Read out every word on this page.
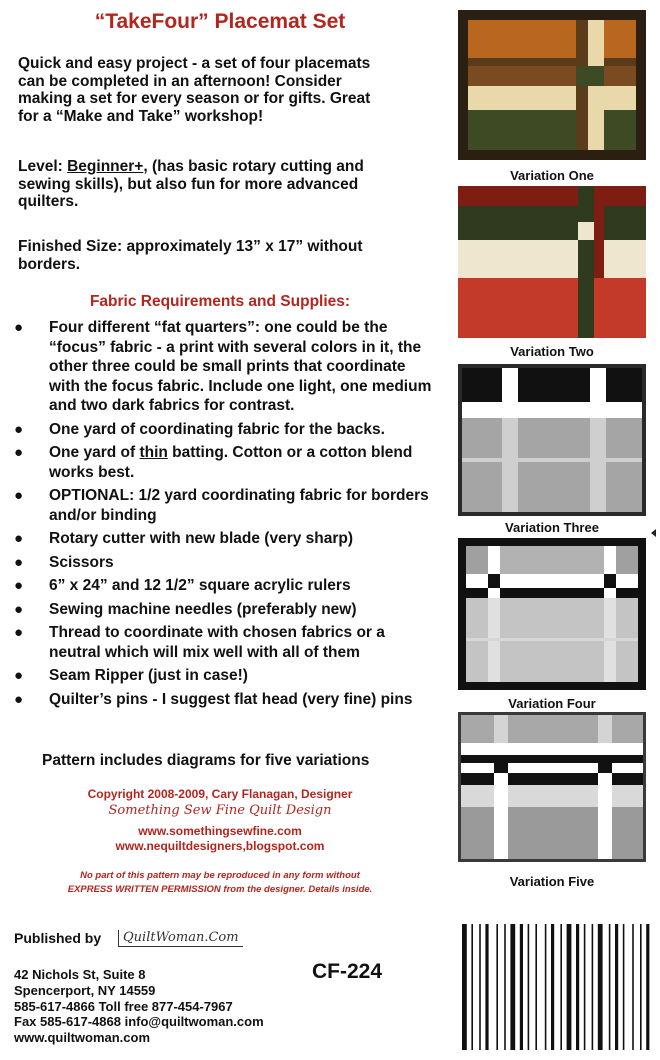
“TakeFour” Placemat Set
Quick and easy project - a set of four placemats
can be completed in an afternoon! Consider
making a set for every season or for gifts. Great
for a “Make and Take” workshop!
Level: Beginner+, (has basic rotary cutting and
sewing skills), but also fun for more advanced
quilters.
Finished Size: approximately 13” x 17” without
borders.
Fabric Requirements and Supplies:
● Four different “fat quarters”: one could be the “focus” fabric - a print with several colors in it, the other three could be small prints that coordinate with the focus fabric. Include one light, one medium and two dark fabrics for contrast.
● One yard of coordinating fabric for the backs.
● One yard of thin batting. Cotton or a cotton blend works best.
● OPTIONAL: 1/2 yard coordinating fabric for borders and/or binding
● Rotary cutter with new blade (very sharp)
● Scissors
● 6” x 24” and 12 1/2” square acrylic rulers
● Sewing machine needles (preferably new)
● Thread to coordinate with chosen fabrics or a neutral which will mix well with all of them
● Seam Ripper (just in case!)
● Quilter’s pins - I suggest flat head (very fine) pins
Pattern includes diagrams for five variations
Copyright 2008-2009, Cary Flanagan, Designer
Something Sew Fine Quilt Design
www.somethingsewfine.com
www.nequiltdesigners,blogspot.com
No part of this pattern may be reproduced in any form without
EXPRESS WRITTEN PERMISSION from the designer. Details inside.
Published by	QuiltWoman.Com
42 Nichols St, Suite 8
Spencerport, NY 14559
585-617-4866 Toll free 877-454-7967
Fax 585-617-4868 info@quiltwoman.com
www.quiltwoman.com
CF-224
Variation One
Variation Two
Variation Three
Variation Four
Variation Five
